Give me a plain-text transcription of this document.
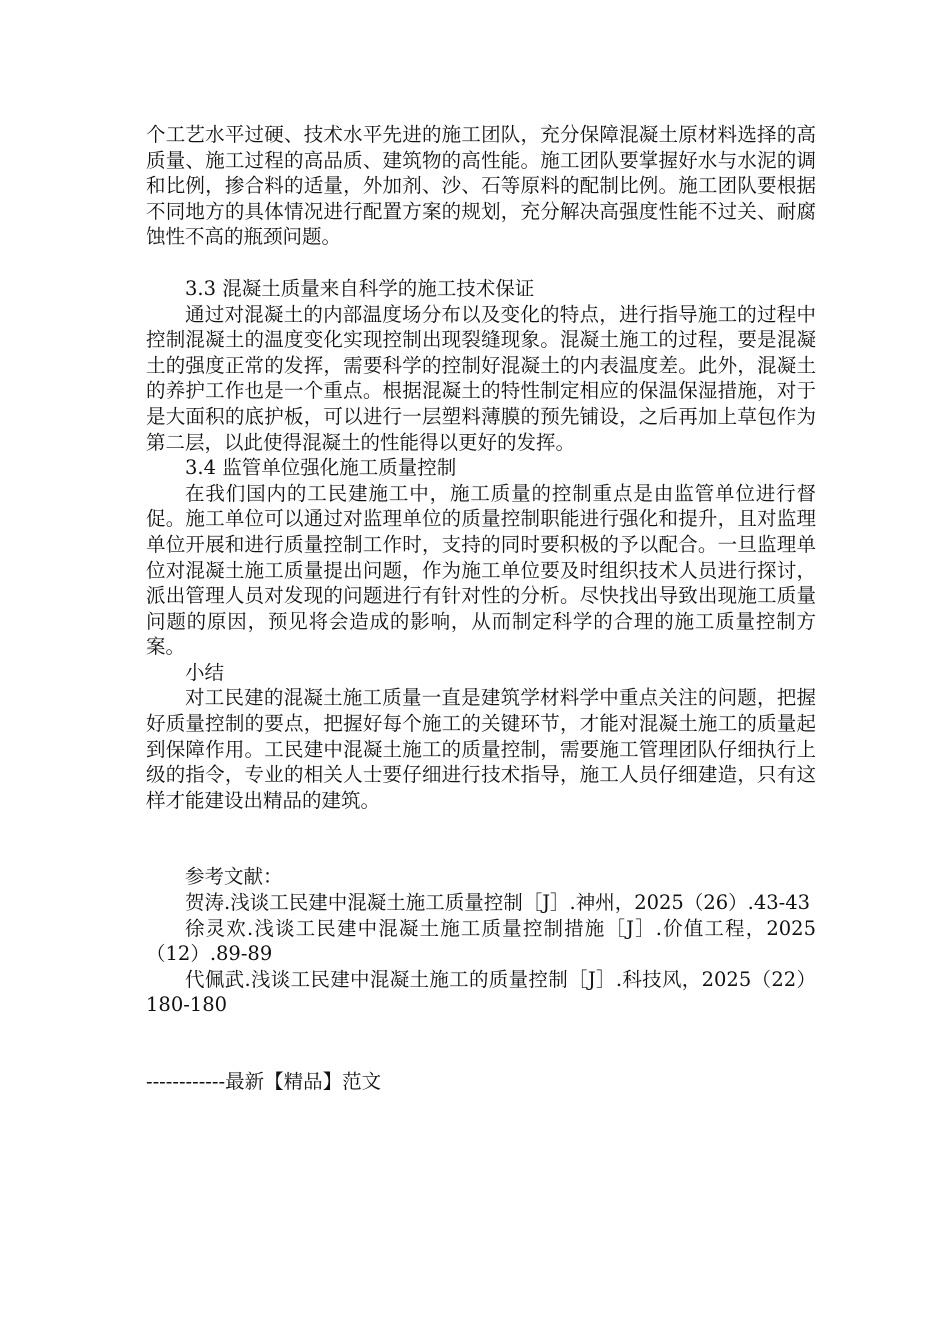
个工艺水平过硬、技术水平先进的施工团队，充分保障混凝土原材料选择的高质量、施工过程的高品质、建筑物的高性能。施工团队要掌握好水与水泥的调和比例，掺合料的适量，外加剂、沙、石等原料的配制比例。施工团队要根据不同地方的具体情况进行配置方案的规划，充分解决高强度性能不过关、耐腐蚀性不高的瓶颈问题。

3.3 混凝土质量来自科学的施工技术保证

通过对混凝土的内部温度场分布以及变化的特点，进行指导施工的过程中控制混凝土的温度变化实现控制出现裂缝现象。混凝土施工的过程，要是混凝土的强度正常的发挥，需要科学的控制好混凝土的内表温度差。此外，混凝土的养护工作也是一个重点。根据混凝土的特性制定相应的保温保湿措施，对于是大面积的底护板，可以进行一层塑料薄膜的预先铺设，之后再加上草包作为第二层，以此使得混凝土的性能得以更好的发挥。

3.4 监管单位强化施工质量控制

在我们国内的工民建施工中，施工质量的控制重点是由监管单位进行督促。施工单位可以通过对监理单位的质量控制职能进行强化和提升，且对监理单位开展和进行质量控制工作时，支持的同时要积极的予以配合。一旦监理单位对混凝土施工质量提出问题，作为施工单位要及时组织技术人员进行探讨，派出管理人员对发现的问题进行有针对性的分析。尽快找出导致出现施工质量问题的原因，预见将会造成的影响，从而制定科学的合理的施工质量控制方案。

小结

对工民建的混凝土施工质量一直是建筑学材料学中重点关注的问题，把握好质量控制的要点，把握好每个施工的关键环节，才能对混凝土施工的质量起到保障作用。工民建中混凝土施工的质量控制，需要施工管理团队仔细执行上级的指令，专业的相关人士要仔细进行技术指导，施工人员仔细建造，只有这样才能建设出精品的建筑。

参考文献：

贺涛.浅谈工民建中混凝土施工质量控制［J］.神州，2025（26）.43-43

徐灵欢.浅谈工民建中混凝土施工质量控制措施［J］.价值工程，2025（12）.89-89

代佩武.浅谈工民建中混凝土施工的质量控制［J］.科技风，2025（22）180-180

------------最新【精品】范文
